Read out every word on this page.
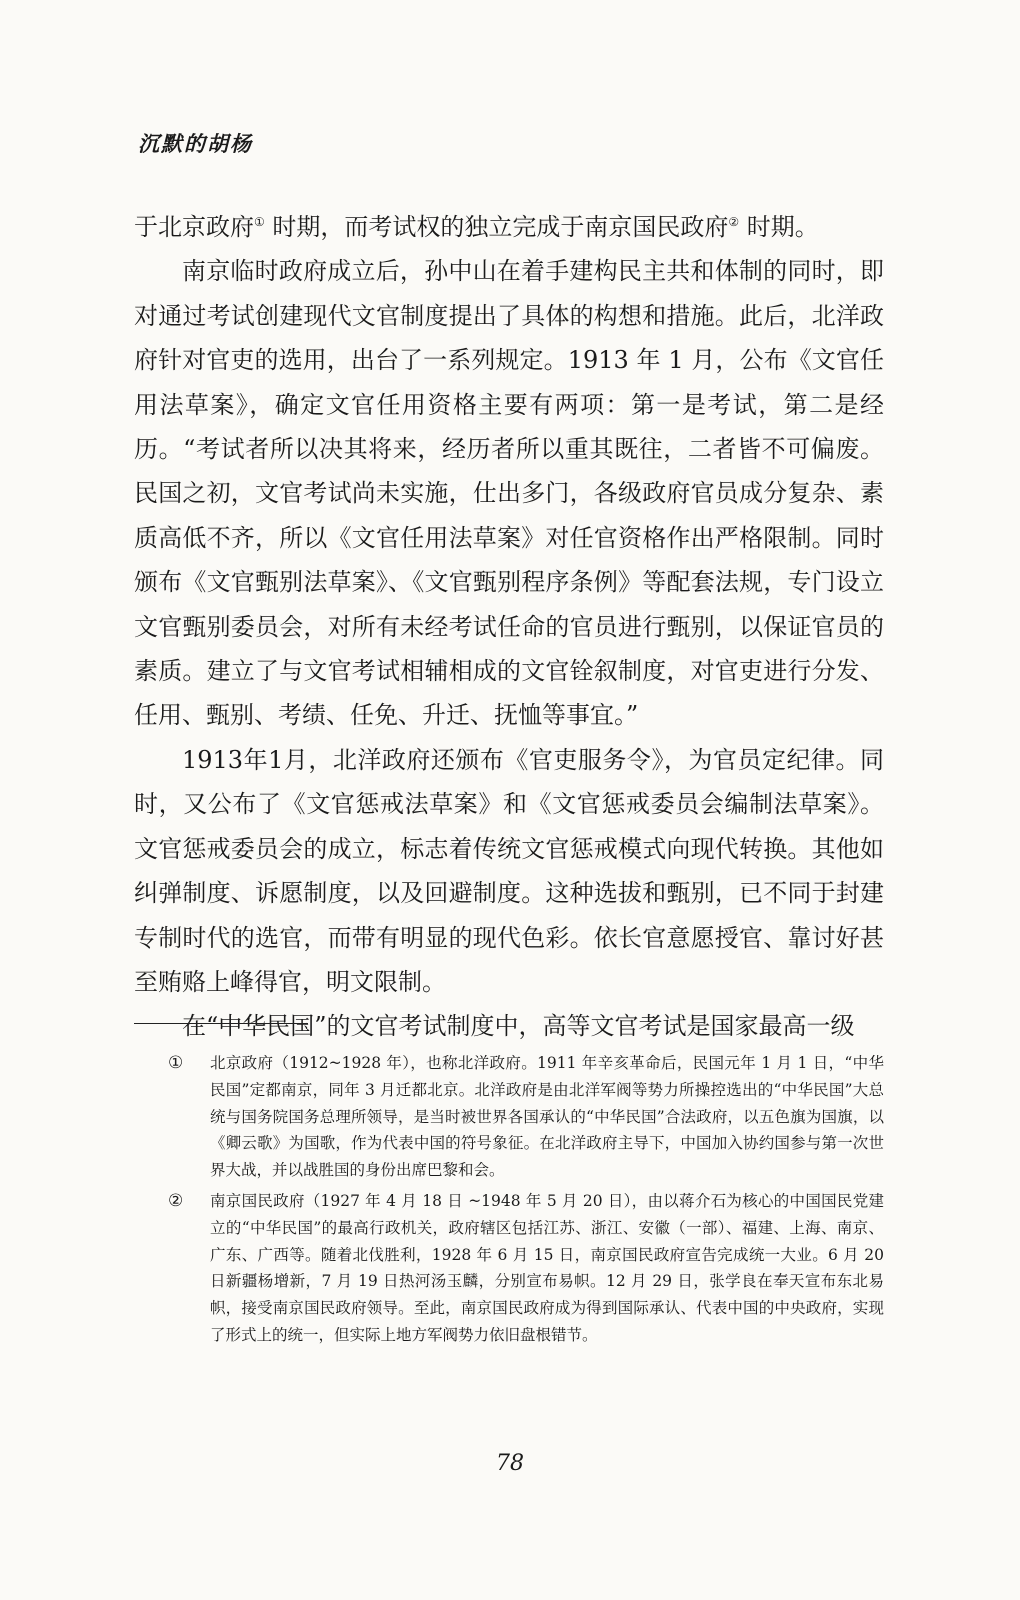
沉默的胡杨

于北京政府① 时期，而考试权的独立完成于南京国民政府② 时期。

南京临时政府成立后，孙中山在着手建构民主共和体制的同时，即对通过考试创建现代文官制度提出了具体的构想和措施。此后，北洋政府针对官吏的选用，出台了一系列规定。1913 年 1 月，公布《文官任用法草案》，确定文官任用资格主要有两项：第一是考试，第二是经历。“考试者所以决其将来，经历者所以重其既往，二者皆不可偏废。民国之初，文官考试尚未实施，仕出多门，各级政府官员成分复杂、素质高低不齐，所以《文官任用法草案》对任官资格作出严格限制。同时颁布《文官甄别法草案》、《文官甄别程序条例》等配套法规，专门设立文官甄别委员会，对所有未经考试任命的官员进行甄别，以保证官员的素质。建立了与文官考试相辅相成的文官铨叙制度，对官吏进行分发、任用、甄别、考绩、任免、升迁、抚恤等事宜。”

1913年1月，北洋政府还颁布《官吏服务令》，为官员定纪律。同时，又公布了《文官惩戒法草案》和《文官惩戒委员会编制法草案》。文官惩戒委员会的成立，标志着传统文官惩戒模式向现代转换。其他如纠弹制度、诉愿制度，以及回避制度。这种选拔和甄别，已不同于封建专制时代的选官，而带有明显的现代色彩。依长官意愿授官、靠讨好甚至贿赂上峰得官，明文限制。

在“中华民国”的文官考试制度中，高等文官考试是国家最高一级

① 北京政府（1912~1928 年），也称北洋政府。1911 年辛亥革命后，民国元年 1 月 1 日，“中华民国”定都南京，同年 3 月迁都北京。北洋政府是由北洋军阀等势力所操控选出的“中华民国”大总统与国务院国务总理所领导，是当时被世界各国承认的“中华民国”合法政府，以五色旗为国旗，以《卿云歌》为国歌，作为代表中国的符号象征。在北洋政府主导下，中国加入协约国参与第一次世界大战，并以战胜国的身份出席巴黎和会。
② 南京国民政府（1927 年 4 月 18 日 ~1948 年 5 月 20 日），由以蒋介石为核心的中国国民党建立的“中华民国”的最高行政机关，政府辖区包括江苏、浙江、安徽（一部）、福建、上海、南京、广东、广西等。随着北伐胜利，1928 年 6 月 15 日，南京国民政府宣告完成统一大业。6 月 20 日新疆杨增新，7 月 19 日热河汤玉麟，分别宣布易帜。12 月 29 日，张学良在奉天宣布东北易帜，接受南京国民政府领导。至此，南京国民政府成为得到国际承认、代表中国的中央政府，实现了形式上的统一，但实际上地方军阀势力依旧盘根错节。
78
